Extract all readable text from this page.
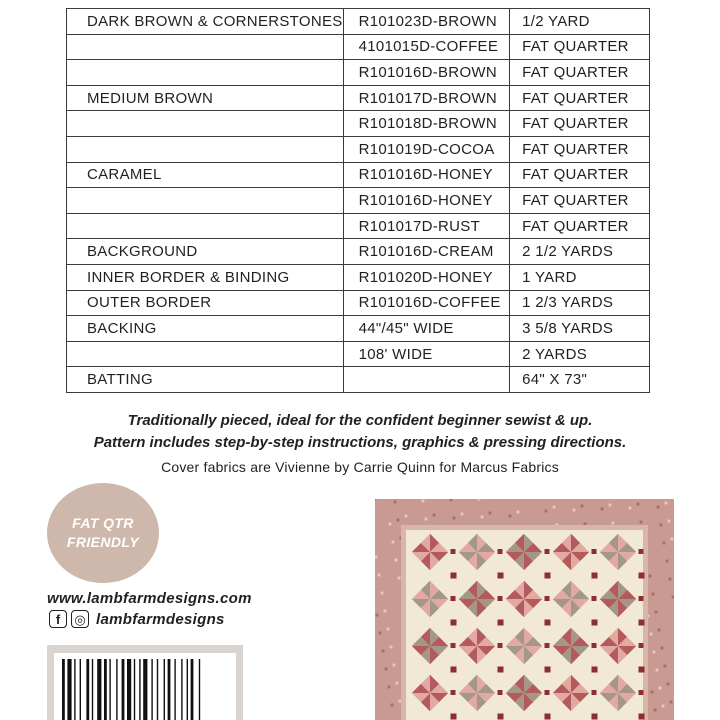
DARK BROWN & CORNERSTONES	R101023D-BROWN	1/2 YARD
	4101015D-COFFEE	FAT QUARTER
	R101016D-BROWN	FAT QUARTER
MEDIUM BROWN	R101017D-BROWN	FAT QUARTER
	R101018D-BROWN	FAT QUARTER
	R101019D-COCOA	FAT QUARTER
CARAMEL	R101016D-HONEY	FAT QUARTER
	R101016D-HONEY	FAT QUARTER
	R101017D-RUST	FAT QUARTER
BACKGROUND	R101016D-CREAM	2 1/2 YARDS
INNER BORDER & BINDING	R101020D-HONEY	1 YARD
OUTER BORDER	R101016D-COFFEE	1 2/3 YARDS
BACKING	44"/45" WIDE	3 5/8 YARDS
	108' WIDE	2 YARDS
BATTING		64" X 73"
Traditionally pieced, ideal for the confident beginner sewist & up.
Pattern includes step-by-step instructions, graphics & pressing directions.
Cover fabrics are Vivienne by Carrie Quinn for Marcus Fabrics
FAT QTR
FRIENDLY
www.lambfarmdesigns.com
f	◎ lambfarmdesigns
